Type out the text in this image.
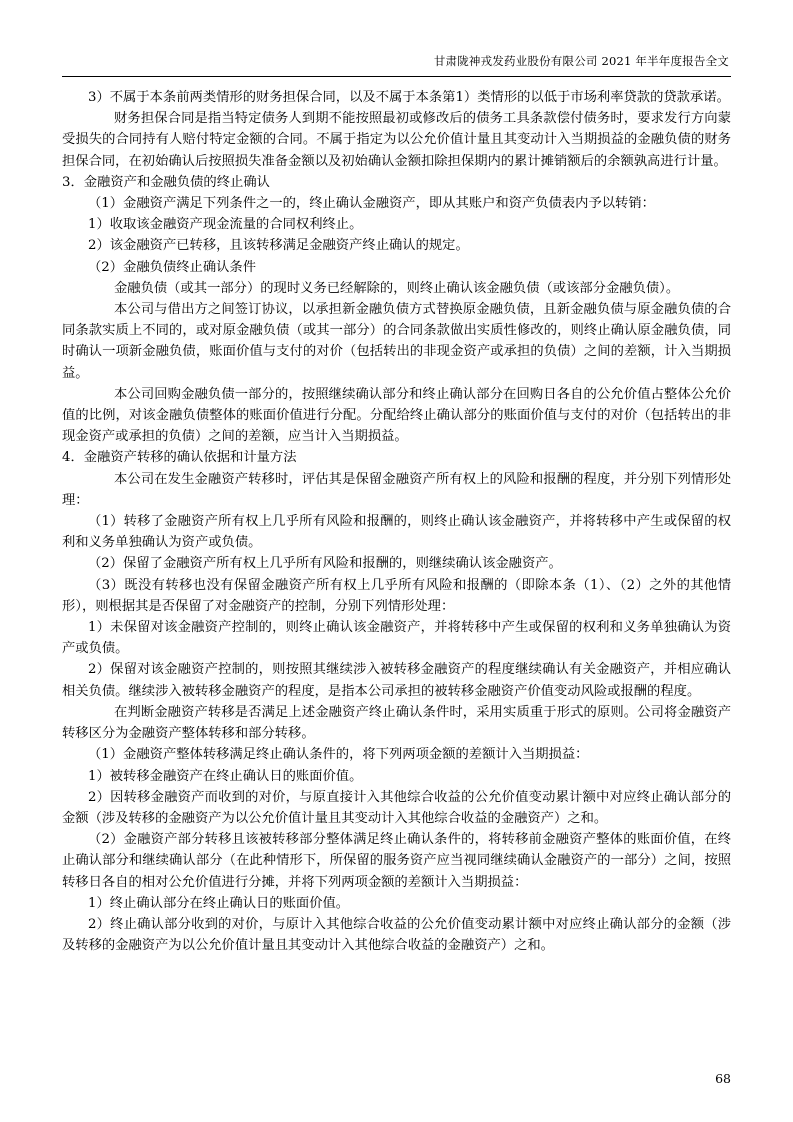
甘肃陇神戎发药业股份有限公司 2021 年半年度报告全文

3）不属于本条前两类情形的财务担保合同，以及不属于本条第1）类情形的以低于市场利率贷款的贷款承诺。

财务担保合同是指当特定债务人到期不能按照最初或修改后的债务工具条款偿付债务时，要求发行方向蒙受损失的合同持有人赔付特定金额的合同。不属于指定为以公允价值计量且其变动计入当期损益的金融负债的财务担保合同，在初始确认后按照损失准备金额以及初始确认金额扣除担保期内的累计摊销额后的余额孰高进行计量。

3．金融资产和金融负债的终止确认

（1）金融资产满足下列条件之一的，终止确认金融资产，即从其账户和资产负债表内予以转销：

1）收取该金融资产现金流量的合同权利终止。

2）该金融资产已转移，且该转移满足金融资产终止确认的规定。

（2）金融负债终止确认条件

金融负债（或其一部分）的现时义务已经解除的，则终止确认该金融负债（或该部分金融负债）。

本公司与借出方之间签订协议，以承担新金融负债方式替换原金融负债，且新金融负债与原金融负债的合同条款实质上不同的，或对原金融负债（或其一部分）的合同条款做出实质性修改的，则终止确认原金融负债，同时确认一项新金融负债，账面价值与支付的对价（包括转出的非现金资产或承担的负债）之间的差额，计入当期损益。

本公司回购金融负债一部分的，按照继续确认部分和终止确认部分在回购日各自的公允价值占整体公允价值的比例，对该金融负债整体的账面价值进行分配。分配给终止确认部分的账面价值与支付的对价（包括转出的非现金资产或承担的负债）之间的差额，应当计入当期损益。

4．金融资产转移的确认依据和计量方法

本公司在发生金融资产转移时，评估其是保留金融资产所有权上的风险和报酬的程度，并分别下列情形处理：

（1）转移了金融资产所有权上几乎所有风险和报酬的，则终止确认该金融资产，并将转移中产生或保留的权利和义务单独确认为资产或负债。

（2）保留了金融资产所有权上几乎所有风险和报酬的，则继续确认该金融资产。

（3）既没有转移也没有保留金融资产所有权上几乎所有风险和报酬的（即除本条（1）、（2）之外的其他情形），则根据其是否保留了对金融资产的控制，分别下列情形处理：

1）未保留对该金融资产控制的，则终止确认该金融资产，并将转移中产生或保留的权利和义务单独确认为资产或负债。

2）保留对该金融资产控制的，则按照其继续涉入被转移金融资产的程度继续确认有关金融资产，并相应确认相关负债。继续涉入被转移金融资产的程度，是指本公司承担的被转移金融资产价值变动风险或报酬的程度。

在判断金融资产转移是否满足上述金融资产终止确认条件时，采用实质重于形式的原则。公司将金融资产转移区分为金融资产整体转移和部分转移。

（1）金融资产整体转移满足终止确认条件的，将下列两项金额的差额计入当期损益：

1）被转移金融资产在终止确认日的账面价值。

2）因转移金融资产而收到的对价，与原直接计入其他综合收益的公允价值变动累计额中对应终止确认部分的金额（涉及转移的金融资产为以公允价值计量且其变动计入其他综合收益的金融资产）之和。

（2）金融资产部分转移且该被转移部分整体满足终止确认条件的，将转移前金融资产整体的账面价值，在终止确认部分和继续确认部分（在此种情形下，所保留的服务资产应当视同继续确认金融资产的一部分）之间，按照转移日各自的相对公允价值进行分摊，并将下列两项金额的差额计入当期损益：

1）终止确认部分在终止确认日的账面价值。

2）终止确认部分收到的对价，与原计入其他综合收益的公允价值变动累计额中对应终止确认部分的金额（涉及转移的金融资产为以公允价值计量且其变动计入其他综合收益的金融资产）之和。

68
